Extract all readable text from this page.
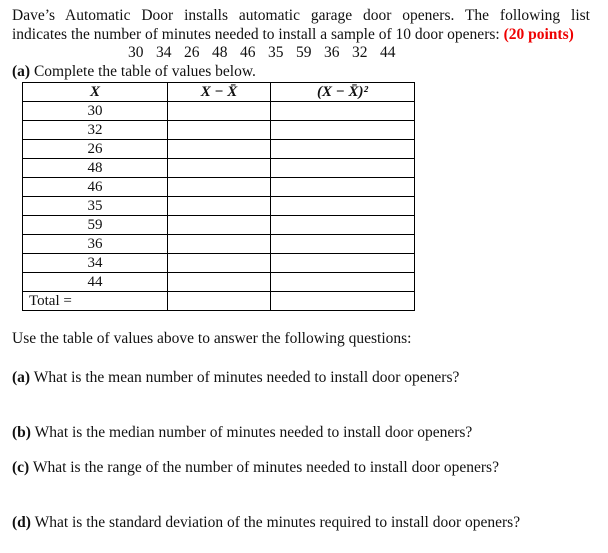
Dave’s Automatic Door installs automatic garage door openers. The following list
indicates the number of minutes needed to install a sample of 10 door openers: (20 points)
30 34 26 48 46 35 59 36 32 44
(a) Complete the table of values below.
X	X − X̄	(X − X̄)²
30		
32		
26		
48		
46		
35		
59		
36		
34		
44		
Total =		
Use the table of values above to answer the following questions:
(a) What is the mean number of minutes needed to install door openers?
(b) What is the median number of minutes needed to install door openers?
(c) What is the range of the number of minutes needed to install door openers?
(d) What is the standard deviation of the minutes required to install door openers?
